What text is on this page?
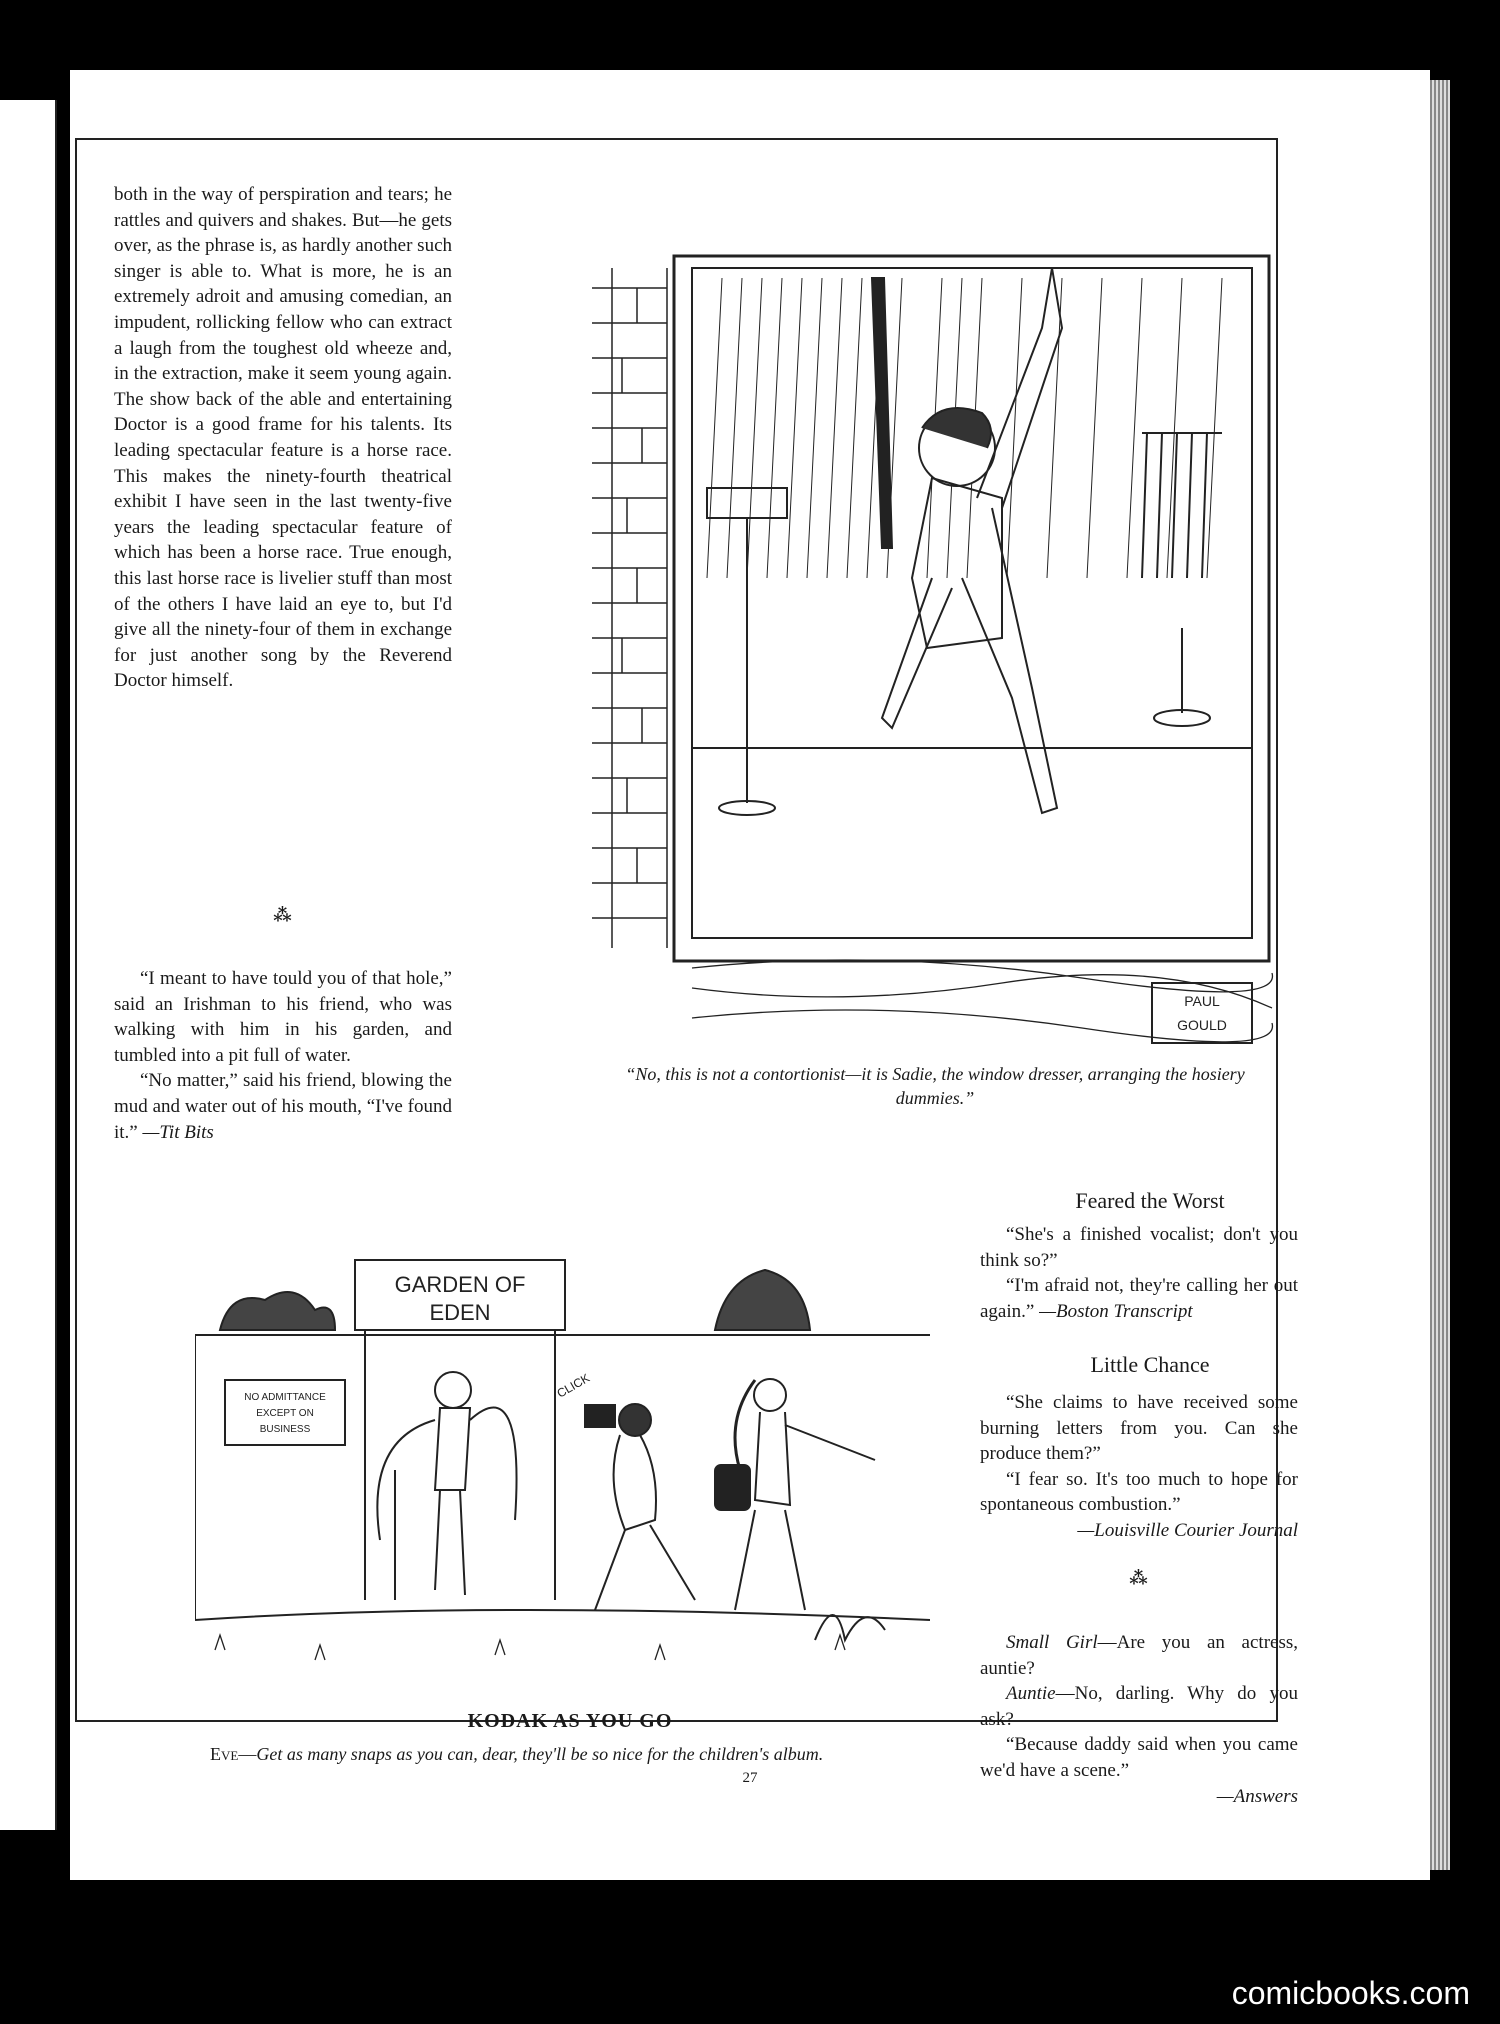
both in the way of perspiration and tears; he rattles and quivers and shakes. But—he gets over, as the phrase is, as hardly another such singer is able to. What is more, he is an extremely adroit and amusing comedian, an impudent, rollicking fellow who can extract a laugh from the toughest old wheeze and, in the extraction, make it seem young again. The show back of the able and entertaining Doctor is a good frame for his talents. Its leading spectacular feature is a horse race. This makes the ninety-fourth theatrical exhibit I have seen in the last twenty-five years the leading spectacular feature of which has been a horse race. True enough, this last horse race is livelier stuff than most of the others I have laid an eye to, but I'd give all the ninety-four of them in exchange for just another song by the Reverend Doctor himself.

⁂

“I meant to have tould you of that hole,” said an Irishman to his friend, who was walking with him in his garden, and tumbled into a pit full of water.

“No matter,” said his friend, blowing the mud and water out of his mouth, “I've found it.” —Tit Bits

PAUL
GOULD
“No, this is not a contortionist—it is Sadie, the window dresser, arranging the hosiery dummies.”
GARDEN OF
EDEN
NO ADMITTANCE
EXCEPT ON
BUSINESS
CLICK
KODAK AS YOU GO
Eve—Get as many snaps as you can, dear, they'll be so nice for the children's album.
Feared the Worst

“She's a finished vocalist; don't you think so?”

“I'm afraid not, they're calling her out again.” —Boston Transcript

Little Chance

“She claims to have received some burning letters from you. Can she produce them?”

“I fear so. It's too much to hope for spontaneous combustion.”

—Louisville Courier Journal

⁂

Small Girl—Are you an actress, auntie?

Auntie—No, darling. Why do you ask?

“Because daddy said when you came we'd have a scene.”

—Answers

27
comicbooks.com
